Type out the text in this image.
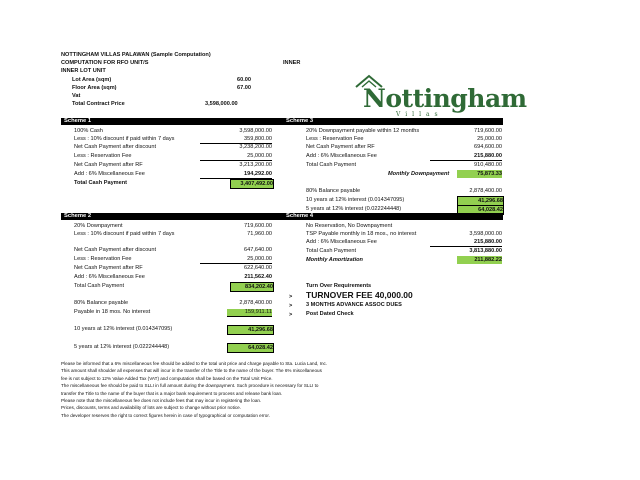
NOTTINGHAM VILLAS PALAWAN (Sample Computation)
COMPUTATION FOR RFO UNIT/S	INNER
INNER LOT UNIT
Lot Area (sqm)	60.00
Floor Area (sqm)	67.00
Vat
Total Contract Price	3,598,000.00	Nottingham
Villas
Scheme 1
100% Cash	3,598,000.00
Less : 10% discount if paid within 7 days	359,800.00
Net Cash Payment after discount	3,238,200.00
Less : Reservation Fee	25,000.00
Net Cash Payment after RF	3,213,200.00
Add : 6% Miscellaneous Fee	194,292.00
Total Cash Payment	3,407,492.00
Scheme 3
20% Downpayment payable within 12 months	719,600.00
Less : Reservation Fee	25,000.00
Net Cash Payment after RF	694,600.00
Add : 6% Miscellaneous Fee	215,880.00
Total Cash Payment	910,480.00
Monthly Downpayment	75,873.33
80% Balance payable	2,878,400.00
10 years at 12% interest (0.014347095)	41,296.68
5 years at 12% interest (0.022244448)	64,028.42
Scheme 2
20% Downpayment	719,600.00
Less : 10% discount if paid within 7 days	71,960.00
Net Cash Payment after discount	647,640.00
Less : Reservation Fee	25,000.00
Net Cash Payment after RF	622,640.00
Add : 6% Miscellaneous Fee	211,562.40
Total Cash Payment	834,202.40
80% Balance payable	2,878,400.00
Payable in 18 mos. No interest	159,911.11
10 years at 12% interest (0.014347095)	41,296.68
5 years at 12% interest (0.022244448)	64,028.42
Scheme 4
No Reservation, No Downpayment
TSP Payable monthly in 18 mos., no interest	3,598,000.00
Add : 6% Miscellaneous Fee	215,880.00
Total Cash Payment	3,813,880.00
Monthly Amortization	211,882.22
Turn Over Requirements
> TURNOVER FEE 40,000.00
> 3 MONTHS ADVANCE ASSOC DUES
> Post Dated Check
Please be informed that a 6% miscellaneous fee should be added to the total unit price and charge payable to Sta. Lucia Land, Inc.
This amount shall shoulder all expenses that will incur in the transfer of the Title to the name of the buyer. The 6% miscellaneous
fee is not subject to 12% Value Added Tax (VAT) and computation shall be based on the Total Unit Price.
The miscellaneous fee should be paid to SLLI in full amount during the downpayment. Such procedure is necessary for SLLI to
transfer the Title to the name of the buyer that is a major bank requirement to process and release bank loan.
Please note that the miscellaneous fee does not include fees that may incur in registering the loan.
Prices, discounts, terms and availability of lots are subject to change without prior notice.
The developer reserves the right to correct figures herein in case of typographical or computation error.
